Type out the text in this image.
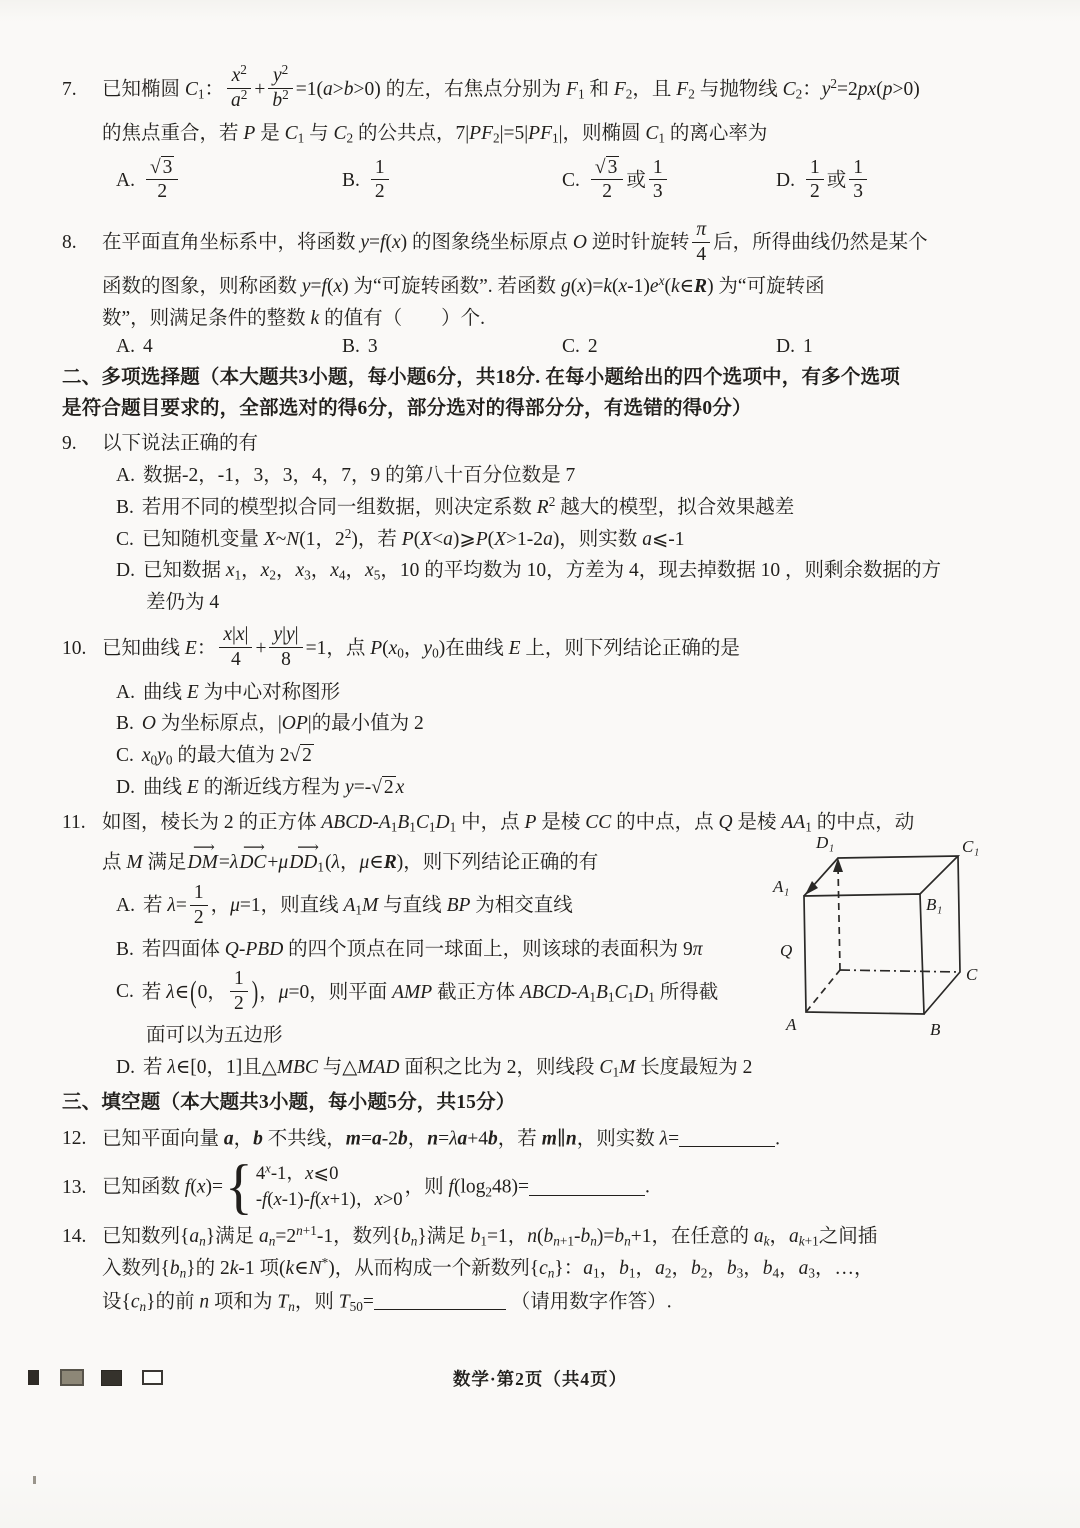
7. 已知椭圆 $C_1$： $\frac{x^2}{a^2} + \frac{y^2}{b^2} =1(a>b>0)$ 的左，右焦点分别为 $F_1$ 和 $F_2$，且 $F_2$ 与抛物线 $C_2$：$y^2=2px(p>0)$
的焦点重合，若 P 是 $C_1$ 与 $C_2$ 的公共点，$7|PF_2|=5|PF_1|$，则椭圆 $C_1$ 的离心率为
A. $\frac{√ 3}{2}$	B. $\frac{1}{2}$	C. $\frac{√ 3}{2}$ 或 $\frac{1}{3}$	D. $\frac{1}{2}$ 或 $\frac{1}{3}$
8. 在平面直角坐标系中，将函数 y=f(x) 的图象绕坐标原点 O 逆时针旋转 $\frac{\pi}{4}$ 后，所得曲线仍然是某个
函数的图象，则称函数 y=f(x) 为“可旋转函数”. 若函数 $g(x)=k(x-1)e^x(k\in R)$ 为“可旋转函
数”，则满足条件的整数 k 的值有（　　）个.
A. 4	B. 3	C. 2	D. 1
二、多项选择题（本大题共3小题，每小题6分，共18分. 在每小题给出的四个选项中，有多个选项
是符合题目要求的，全部选对的得6分，部分选对的得部分分，有选错的得0分）
9. 以下说法正确的有
A. 数据-2，-1，3，3，4，7，9 的第八十百分位数是 7
B. 若用不同的模型拟合同一组数据，则决定系数 $R^2$ 越大的模型，拟合效果越差
C. 已知随机变量 X~N(1，$2^2$)，若 P(X<a)⩾P(X>1-2a)，则实数 a⩽-1
D. 已知数据 $x_1$，$x_2$，$x_3$，$x_4$，$x_5$，10 的平均数为 10，方差为 4，现去掉数据 10 ，则剩余数据的方
差仍为 4
10. 已知曲线 E： $\frac{x|x|}{4} + \frac{y|y|}{8} =1$，点 $P(x_0$，$y_0$)在曲线 E 上，则下列结论正确的是
A. 曲线 E 为中心对称图形
B. O 为坐标原点，|OP|的最小值为 2
C. $x_0y_0$ 的最大值为 2√ 2
D. 曲线 E 的渐近线方程为 y=-√ 2 x
11. 如图，棱长为 2 的正方体 ABCD-$A_1B_1C_1D_1$ 中，点 P 是棱 CC 的中点，点 Q 是棱 $AA_1$ 的中点，动
点 M 满足
⟶
DM=λ
⟶
DC+μ
⟶
$DD_1(\lambda$，μ∈R)，则下列结论正确的有
A. 若 $\lambda= \frac{1}{2}$ ，μ=1，则直线 $A_1M$ 与直线 BP 为相交直线
B. 若四面体 Q-PBD 的四个顶点在同一球面上，则该球的表面积为 9π
C. 若 λ∈(0， $\frac{1}{2}$ )，μ=0，则平面 AMP 截正方体 ABCD-$A_1B_1C_1D_1$ 所得截
面可以为五边形
D. 若 λ∈[0，1]且△MBC 与△MAD 面积之比为 2，则线段 $C_1M$ 长度最短为 2
D₁	C₁
A₁
B₁
Q
A	B
C
三、填空题（本大题共3小题，每小题5分，共15分）
12. 已知平面向量 a，b 不共线，m=a-2b，n=λa+4b，若 m∥n，则实数 λ=	.
13. 已知函数 f(x)= { 4$^x$-1，x⩽0
-f(x-1)-f(x+1)，x>0
，则 $f(\log_248)=$	.
14. 已知数列$\{a_n\}$满足 $a_n=2^{n+1}-1$，数列$\{b_n\}$满足 $b_1=1$，$n(b_{n+1}-b_n)=b_n+1$，在任意的 $a_k$，$a_{k+1}$之间插
入数列$\{b_n\}$的 2k-1 项(k∈N*)，从而构成一个新数列$\{c_n\}$：$a_1$，$b_1$，$a_2$，$b_2$，$b_3$，$b_4$，$a_3$，…，
设$\{c_n\}$的前 n 项和为 $T_n$，则 $T_{50}=$	（请用数字作答）.
数学·第2页（共4页）
